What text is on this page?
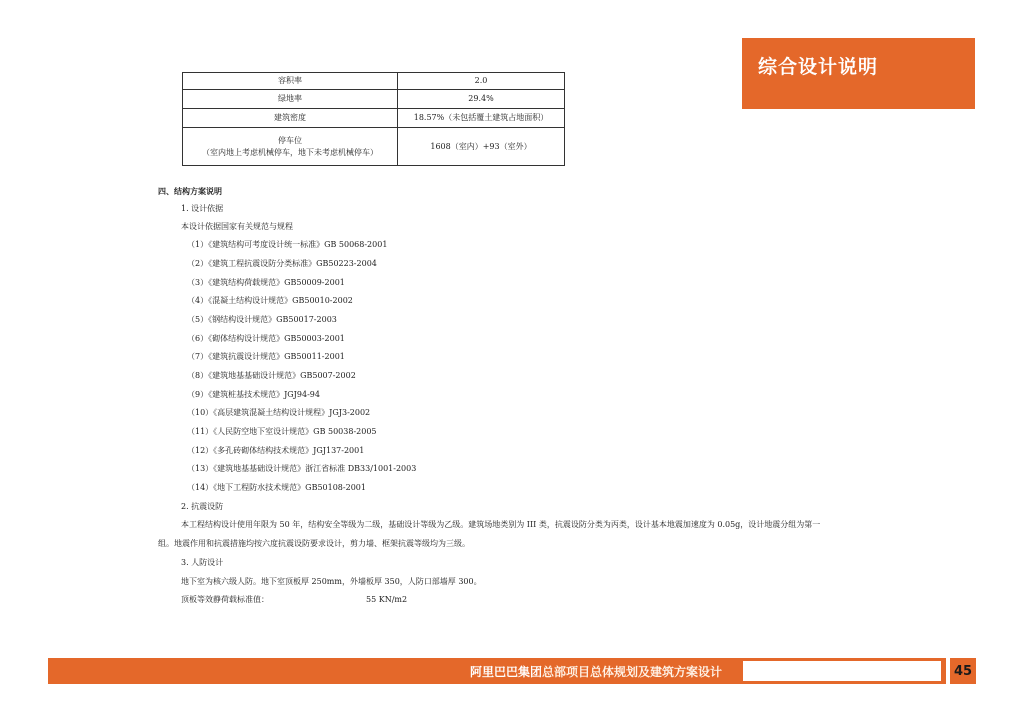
综合设计说明
容积率	2.0
绿地率	29.4%
建筑密度	18.57%（未包括覆土建筑占地面积）

停车位
（室内地上考虑机械停车，地下未考虑机械停车）	1608（室内）+93（室外）
四、结构方案说明
1. 设计依据
本设计依据国家有关规范与规程
（1）《建筑结构可考度设计统一标准》GB 50068-2001
（2）《建筑工程抗震设防分类标准》GB50223-2004
（3）《建筑结构荷载规范》GB50009-2001
（4）《混凝土结构设计规范》GB50010-2002
（5）《钢结构设计规范》GB50017-2003
（6）《砌体结构设计规范》GB50003-2001
（7）《建筑抗震设计规范》GB50011-2001
（8）《建筑地基基础设计规范》GB5007-2002
（9）《建筑桩基技术规范》JGJ94-94
（10）《高层建筑混凝土结构设计规程》JGJ3-2002
（11）《人民防空地下室设计规范》GB 50038-2005
（12）《多孔砖砌体结构技术规范》JGJ137-2001
（13）《建筑地基基础设计规范》浙江省标准 DB33/1001-2003
（14）《地下工程防水技术规范》GB50108-2001
2. 抗震设防
本工程结构设计使用年限为 50 年，结构安全等级为二级，基础设计等级为乙级。建筑场地类别为 III 类，抗震设防分类为丙类，设计基本地震加速度为 0.05g，设计地震分组为第一
组。地震作用和抗震措施均按六度抗震设防要求设计，剪力墙、框架抗震等级均为三级。
3. 人防设计
地下室为核六级人防。地下室顶板厚 250mm，外墙板厚 350，人防口部墙厚 300。
顶板等效静荷载标准值：	55 KN/m2
阿里巴巴集团总部项目总体规划及建筑方案设计	45
